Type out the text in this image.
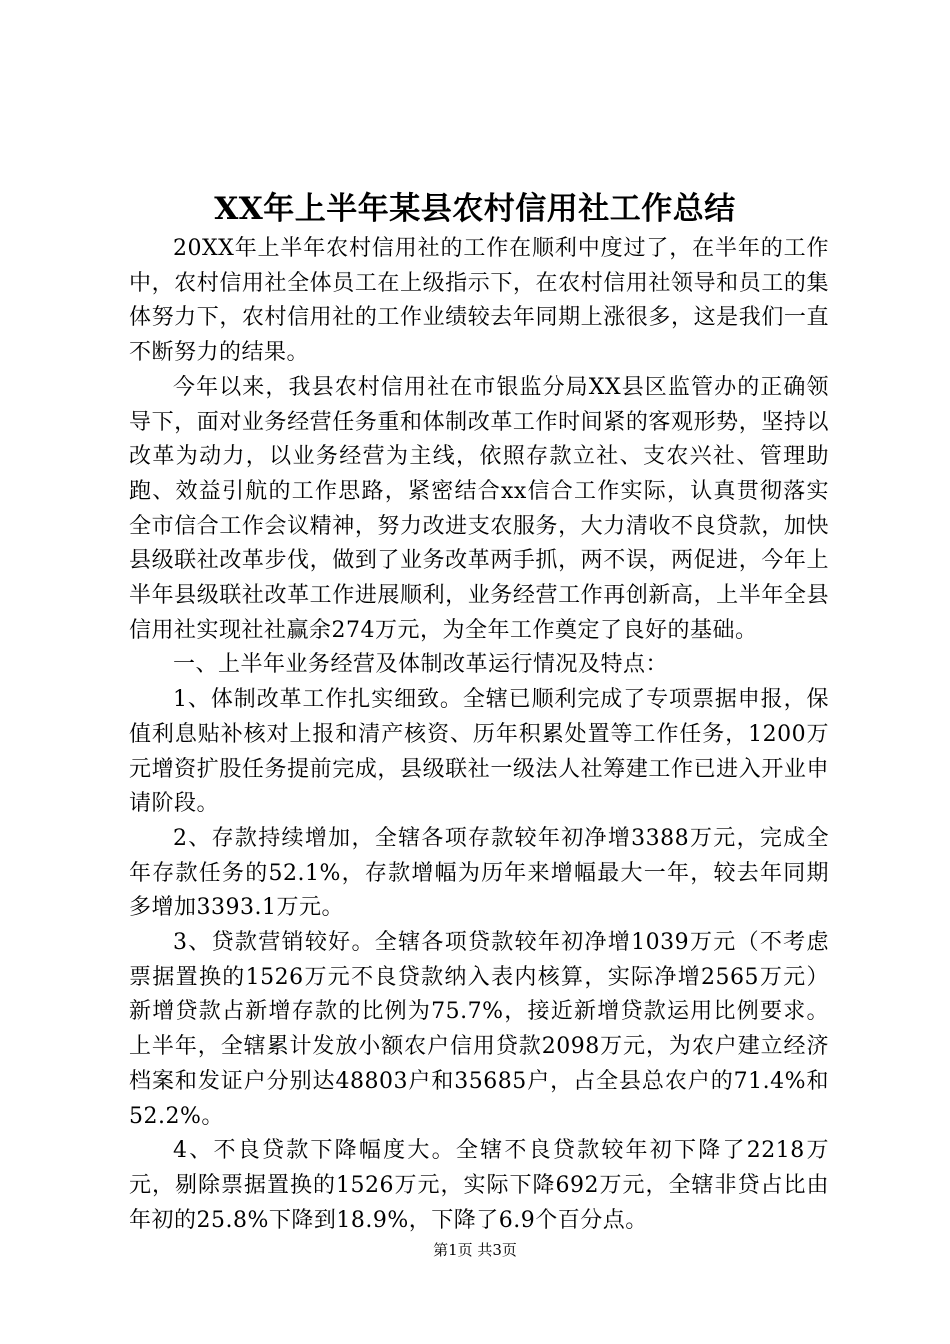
XX年上半年某县农村信用社工作总结

20XX年上半年农村信用社的工作在顺利中度过了，在半年的工作中，农村信用社全体员工在上级指示下，在农村信用社领导和员工的集体努力下，农村信用社的工作业绩较去年同期上涨很多，这是我们一直不断努力的结果。

今年以来，我县农村信用社在市银监分局XX县区监管办的正确领导下，面对业务经营任务重和体制改革工作时间紧的客观形势，坚持以改革为动力，以业务经营为主线，依照存款立社、支农兴社、管理助跑、效益引航的工作思路，紧密结合xx信合工作实际，认真贯彻落实全市信合工作会议精神，努力改进支农服务，大力清收不良贷款，加快县级联社改革步伐，做到了业务改革两手抓，两不误，两促进，今年上半年县级联社改革工作进展顺利，业务经营工作再创新高，上半年全县信用社实现社社赢余274万元，为全年工作奠定了良好的基础。

一、上半年业务经营及体制改革运行情况及特点：

1、体制改革工作扎实细致。全辖已顺利完成了专项票据申报，保值利息贴补核对上报和清产核资、历年积累处置等工作任务，1200万元增资扩股任务提前完成，县级联社一级法人社筹建工作已进入开业申请阶段。

2、存款持续增加，全辖各项存款较年初净增3388万元，完成全年存款任务的52.1%，存款增幅为历年来增幅最大一年，较去年同期多增加3393.1万元。

3、贷款营销较好。全辖各项贷款较年初净增1039万元（不考虑票据置换的1526万元不良贷款纳入表内核算，实际净增2565万元）新增贷款占新增存款的比例为75.7%，接近新增贷款运用比例要求。上半年，全辖累计发放小额农户信用贷款2098万元，为农户建立经济档案和发证户分别达48803户和35685户，占全县总农户的71.4%和52.2%。

4、不良贷款下降幅度大。全辖不良贷款较年初下降了2218万元，剔除票据置换的1526万元，实际下降692万元，全辖非贷占比由年初的25.8%下降到18.9%，下降了6.9个百分点。

第1页 共3页
